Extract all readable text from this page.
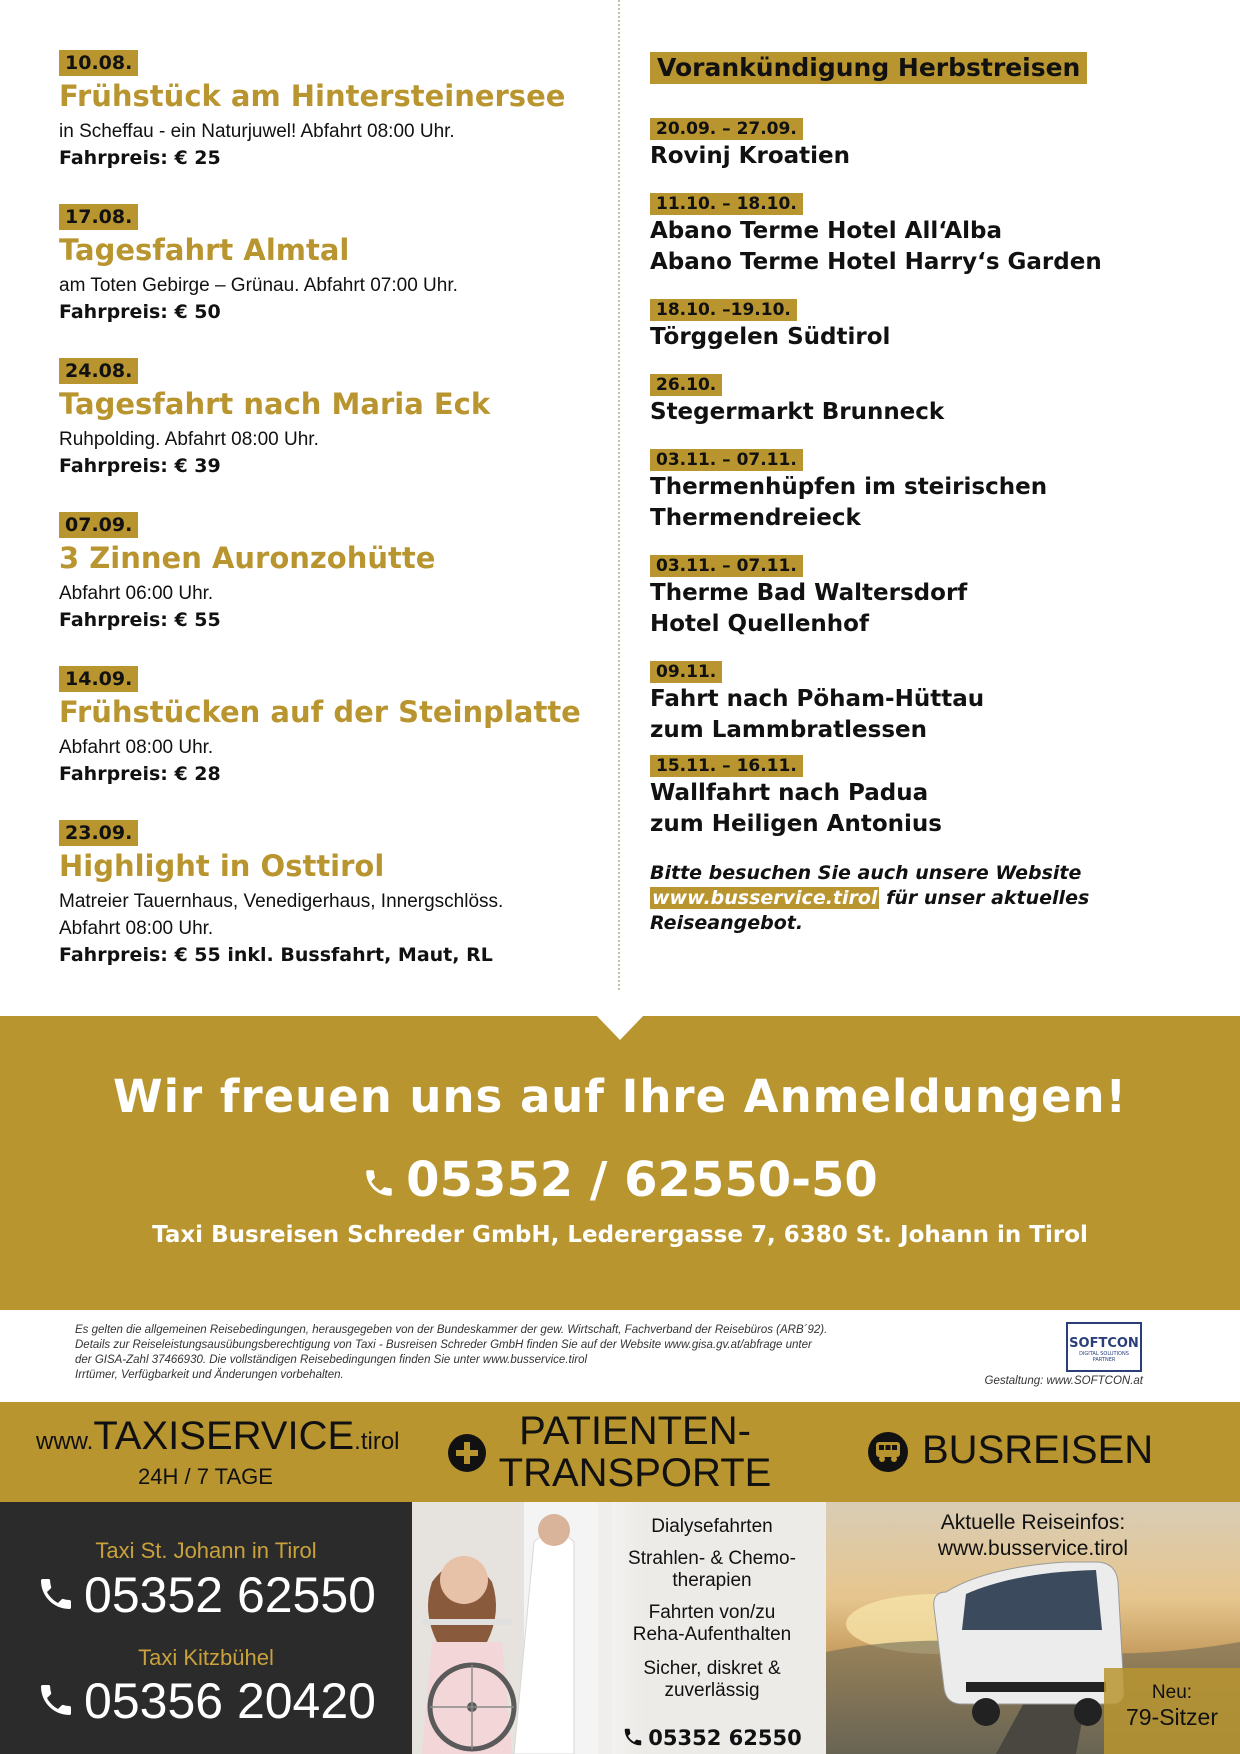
10.08.
Frühstück am Hintersteinersee
in Scheffau - ein Naturjuwel! Abfahrt 08:00 Uhr.
Fahrpreis: € 25
17.08.
Tagesfahrt Almtal
am Toten Gebirge – Grünau. Abfahrt 07:00 Uhr.
Fahrpreis: € 50
24.08.
Tagesfahrt nach Maria Eck
Ruhpolding. Abfahrt 08:00 Uhr.
Fahrpreis: € 39
07.09.
3 Zinnen Auronzohütte
Abfahrt 06:00 Uhr.
Fahrpreis: € 55
14.09.
Frühstücken auf der Steinplatte
Abfahrt 08:00 Uhr.
Fahrpreis: € 28
23.09.
Highlight in Osttirol
Matreier Tauernhaus, Venedigerhaus, Innergschlöss.
Abfahrt 08:00 Uhr.
Fahrpreis: € 55 inkl. Bussfahrt, Maut, RL
Vorankündigung Herbstreisen
20.09. – 27.09.
Rovinj Kroatien
11.10. – 18.10.
Abano Terme Hotel All‘Alba
Abano Terme Hotel Harry‘s Garden
18.10. –19.10.
Törggelen Südtirol
26.10.
Stegermarkt Brunneck
03.11. – 07.11.
Thermenhüpfen im steirischen
Thermendreieck
03.11. – 07.11.
Therme Bad Waltersdorf
Hotel Quellenhof
09.11.
Fahrt nach Pöham-Hüttau
zum Lammbratlessen
15.11. – 16.11.
Wallfahrt nach Padua
zum Heiligen Antonius
Bitte besuchen Sie auch unsere Website
www.busservice.tirol für unser aktuelles
Reiseangebot.
Wir freuen uns auf Ihre Anmeldungen!
05352 / 62550-50
Taxi Busreisen Schreder GmbH, Lederergasse 7, 6380 St. Johann in Tirol
Es gelten die allgemeinen Reisebedingungen, herausgegeben von der Bundeskammer der gew. Wirtschaft, Fachverband der Reisebüros (ARB´92).
Details zur Reiseleistungsausübungsberechtigung von Taxi - Busreisen Schreder GmbH finden Sie auf der Website www.gisa.gv.at/abfrage unter
der GISA-Zahl 37466930. Die vollständigen Reisebedingungen finden Sie unter www.busservice.tirol
Irrtümer, Verfügbarkeit und Änderungen vorbehalten.
SOFTCON
DIGITAL SOLUTIONS PARTNER
Gestaltung: www.SOFTCON.at
www.TAXISERVICE.tirol
24H / 7 TAGE
PATIENTEN-
TRANSPORTE
BUSREISEN
Taxi St. Johann in Tirol
05352 62550
Taxi Kitzbühel
05356 20420
Dialysefahrten
Strahlen- & Chemo-
therapien
Fahrten von/zu
Reha-Aufenthalten
Sicher, diskret &
zuverlässig
05352 62550
Aktuelle Reiseinfos:
www.busservice.tirol
Neu:
79-Sitzer
